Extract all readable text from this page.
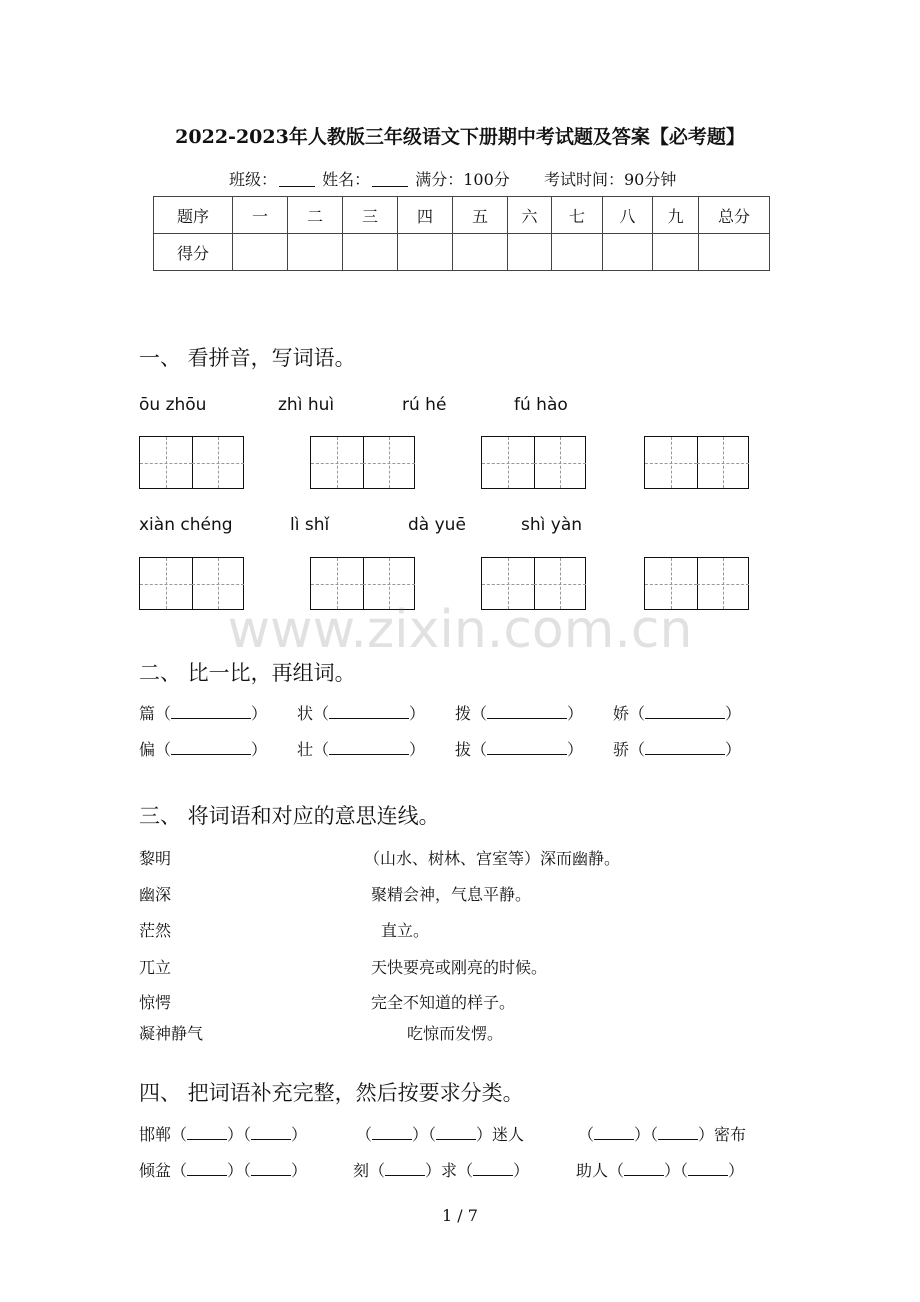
2022-2023年人教版三年级语文下册期中考试题及答案【必考题】
班级：	姓名：	满分：100分 考试时间：90分钟
题序	一	二	三	四	五	六	七	八	九	总分
得分										
一、 看拼音，写词语。
ōu zhōu	zhì huì	rú hé	fú hào
xiàn chéng	lì shǐ	dà yuē	shì yàn
www.zixin.com.cn
二、 比一比，再组词。
篇（	） 状（	） 拨（	） 娇（	）
偏（	） 壮（	） 拔（	） 骄（	）
三、 将词语和对应的意思连线。
黎明
幽深
茫然
兀立
惊愕
凝神静气
（山水、树林、宫室等）深而幽静。
聚精会神，气息平静。
直立。
天快要亮或刚亮的时候。
完全不知道的样子。
吃惊而发愣。
四、 把词语补充完整，然后按要求分类。
邯郸（	）（	）	（	）（	）迷人	（	）（	）密布
倾盆（	）（	）	刻（	）求（	）	助人（	）（	）
1 / 7
